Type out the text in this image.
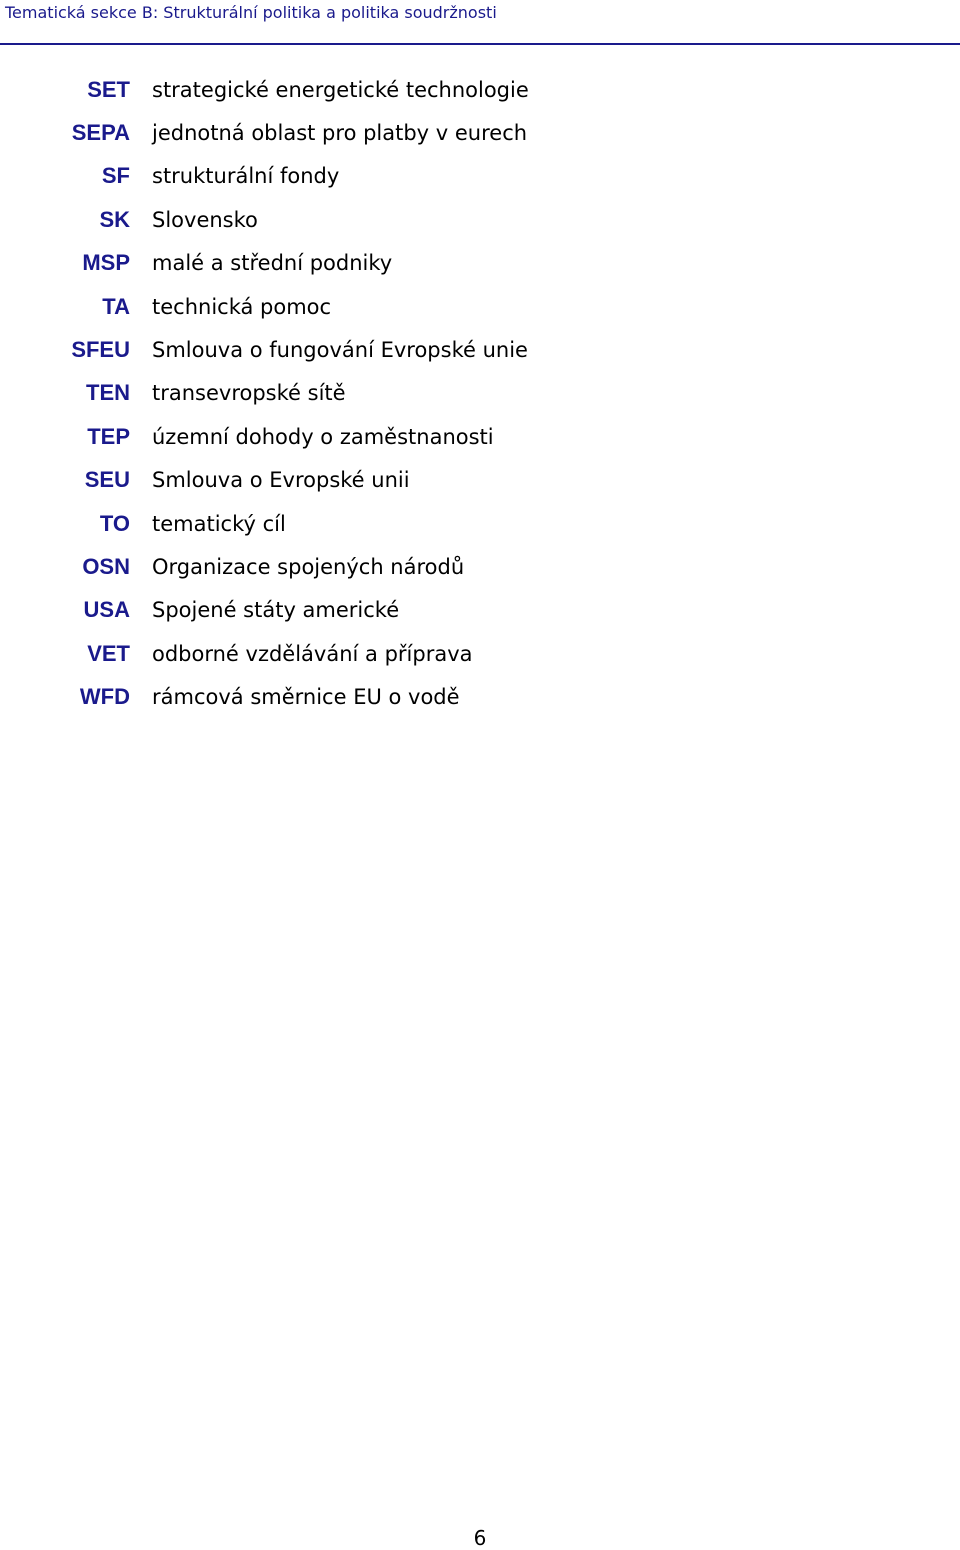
Tematická sekce B: Strukturální politika a politika soudržnosti
SET strategické energetické technologie
SEPA jednotná oblast pro platby v eurech
SF strukturální fondy
SK Slovensko
MSP malé a střední podniky
TA technická pomoc
SFEU Smlouva o fungování Evropské unie
TEN transevropské sítě
TEP územní dohody o zaměstnanosti
SEU Smlouva o Evropské unii
TO tematický cíl
OSN Organizace spojených národů
USA Spojené státy americké
VET odborné vzdělávání a příprava
WFD rámcová směrnice EU o vodě
6
